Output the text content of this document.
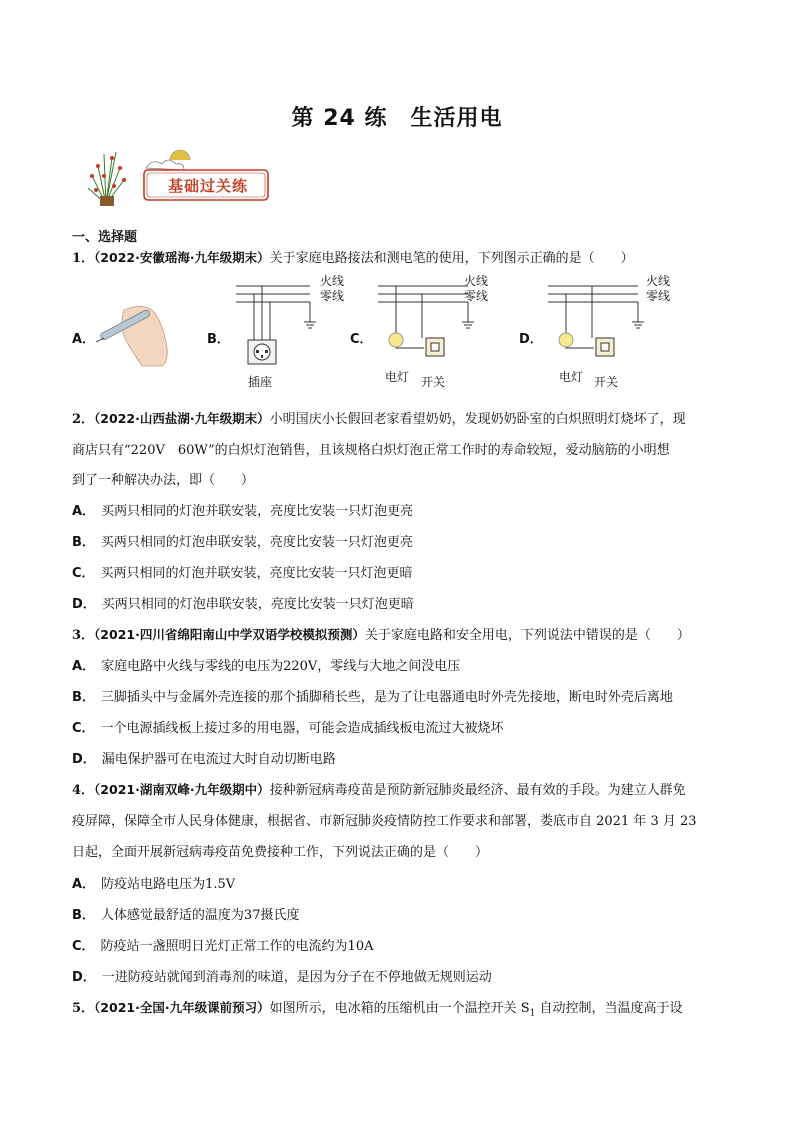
第 24 练　生活用电
基础过关练
一、选择题
1．（2022·安徽瑶海·九年级期末）关于家庭电路接法和测电笔的使用，下列图示正确的是（　　）
A．	B．
火线
零线
插座
C．
火线
零线
电灯 开关
D．
火线
零线
电灯 开关
2．（2022·山西盐湖·九年级期末）小明国庆小长假回老家看望奶奶，发现奶奶卧室的白炽照明灯烧坏了，现
商店只有“220V　60W”的白炽灯泡销售，且该规格白炽灯泡正常工作时的寿命较短，爱动脑筋的小明想
到了一种解决办法，即（　　）
A． 买两只相同的灯泡并联安装，亮度比安装一只灯泡更亮
B． 买两只相同的灯泡串联安装，亮度比安装一只灯泡更亮
C． 买两只相同的灯泡并联安装，亮度比安装一只灯泡更暗
D． 买两只相同的灯泡串联安装，亮度比安装一只灯泡更暗
3．（2021·四川省绵阳南山中学双语学校模拟预测）关于家庭电路和安全用电，下列说法中错误的是（　　）
A． 家庭电路中火线与零线的电压为220V，零线与大地之间没电压
B． 三脚插头中与金属外壳连接的那个插脚稍长些，是为了让电器通电时外壳先接地，断电时外壳后离地
C． 一个电源插线板上接过多的用电器，可能会造成插线板电流过大被烧坏
D． 漏电保护器可在电流过大时自动切断电路
4．（2021·湖南双峰·九年级期中）接种新冠病毒疫苗是预防新冠肺炎最经济、最有效的手段。为建立人群免
疫屏障，保障全市人民身体健康，根据省、市新冠肺炎疫情防控工作要求和部署，娄底市自 2021 年 3 月 23
日起，全面开展新冠病毒疫苗免费接种工作，下列说法正确的是（　　）
A． 防疫站电路电压为1.5V
B． 人体感觉最舒适的温度为37摄氏度
C． 防疫站一盏照明日光灯正常工作的电流约为10A
D． 一进防疫站就闻到消毒剂的味道，是因为分子在不停地做无规则运动
5．（2021·全国·九年级课前预习）如图所示，电冰箱的压缩机由一个温控开关 $S_1$ 自动控制，当温度高于设
